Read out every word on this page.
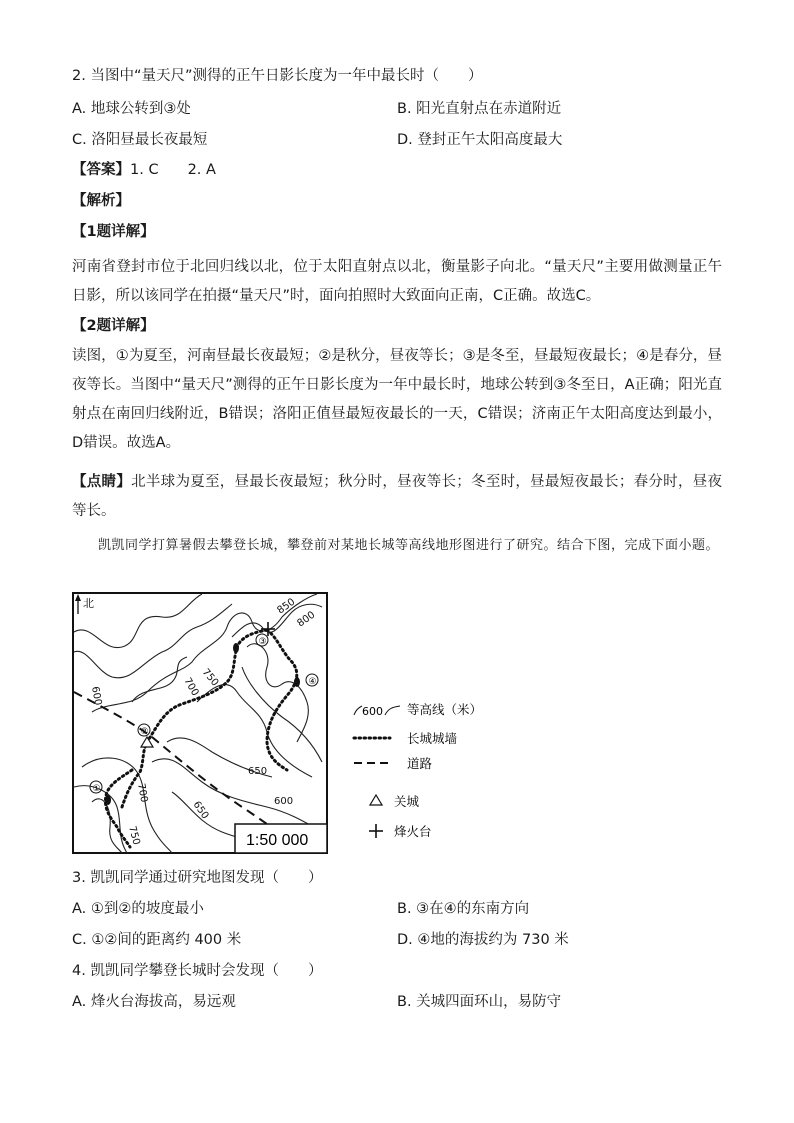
2. 当图中“量天尺”测得的正午日影长度为一年中最长时（　　）
A. 地球公转到③处	B. 阳光直射点在赤道附近
C. 洛阳昼最长夜最短	D. 登封正午太阳高度最大
【答案】1. C　　2. A
【解析】
【1题详解】
河南省登封市位于北回归线以北，位于太阳直射点以北，衡量影子向北。“量天尺”主要用做测量正午日影，所以该同学在拍摄“量天尺”时，面向拍照时大致面向正南，C正确。故选C。
【2题详解】
读图，①为夏至，河南昼最长夜最短；②是秋分，昼夜等长；③是冬至，昼最短夜最长；④是春分，昼夜等长。当图中“量天尺”测得的正午日影长度为一年中最长时，地球公转到③冬至日，A正确；阳光直射点在南回归线附近，B错误；洛阳正值昼最短夜最长的一天，C错误；济南正午太阳高度达到最小，D错误。故选A。
【点睛】北半球为夏至，昼最长夜最短；秋分时，昼夜等长；冬至时，昼最短夜最长；春分时，昼夜等长。
凯凯同学打算暑假去攀登长城，攀登前对某地长城等高线地形图进行了研究。结合下图，完成下面小题。
北
②
③
④
①
850
800
750
700
600
650
600
700
650
750	1:50 000
600 等高线（米）
长城城墙
道路
关城
烽火台
3. 凯凯同学通过研究地图发现（　　）
A. ①到②的坡度最小	B. ③在④的东南方向
C. ①②间的距离约 400 米	D. ④地的海拔约为 730 米
4. 凯凯同学攀登长城时会发现（　　）
A. 烽火台海拔高，易远观	B. 关城四面环山，易防守
